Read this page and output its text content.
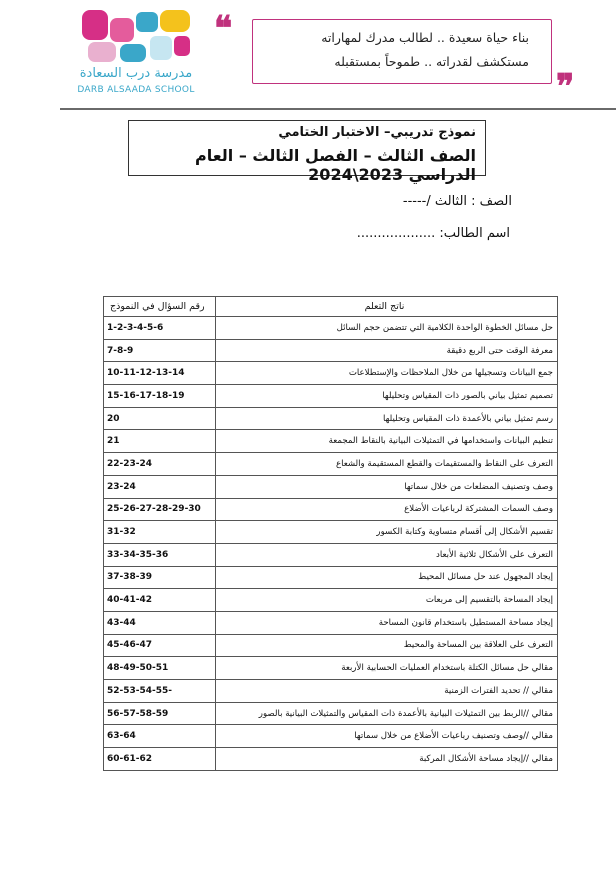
مدرسة درب السعادة
DARB ALSAADA SCHOOL
❝	بناء حياة سعيدة .. لطالب مدرك لمهاراته
مستكشف لقدراته .. طموحاً بمستقبله
❞
نموذج تدريبي– الاختبار الختامي
الصف الثالث – الفصل الثالث – العام الدراسي 2023\2024
الصف : الثالث /-----
اسم الطالب: ...................
رقم السؤال في النموذج	ناتج التعلم
1-2-3-4-5-6	حل مسائل الخطوة الواحدة الكلامية التي تتضمن حجم السائل
7-8-9	معرفة الوقت حتى الربع دقيقة
10-11-12-13-14	جمع البيانات وتسجيلها من خلال الملاحظات والإستطلاعات
15-16-17-18-19	تصميم تمثيل بياني بالصور ذات المقياس وتحليلها
20	رسم تمثيل بياني بالأعمدة ذات المقياس وتحليلها
21	تنظيم البيانات واستخدامها في التمثيلات البيانية بالنقاط المجمعة
22-23-24	التعرف على النقاط والمستقيمات والقطع المستقيمة والشعاع
23-24	وصف وتصنيف المضلعات من خلال سماتها
25-26-27-28-29-30	وصف السمات المشتركة لرباعيات الأضلاع
31-32	تقسيم الأشكال إلى أقسام متساوية وكتابة الكسور
33-34-35-36	التعرف على الأشكال ثلاثية الأبعاد
37-38-39	إيجاد المجهول عند حل مسائل المحيط
40-41-42	إيجاد المساحة بالتقسيم إلى مربعات
43-44	إيجاد مساحة المستطيل باستخدام قانون المساحة
45-46-47	التعرف على العلاقة بين المساحة والمحيط
48-49-50-51	مقالي حل مسائل الكتلة باستخدام العمليات الحسابية الأربعة
52-53-54-55-	مقالي // تحديد الفترات الزمنية
56-57-58-59	مقالي //الربط بين التمثيلات البيانية بالأعمدة ذات المقياس والتمثيلات البيانية بالصور
63-64	مقالي //وصف وتصنيف رباعيات الأضلاع من خلال سماتها
60-61-62	مقالي //إيجاد مساحة الأشكال المركبة
